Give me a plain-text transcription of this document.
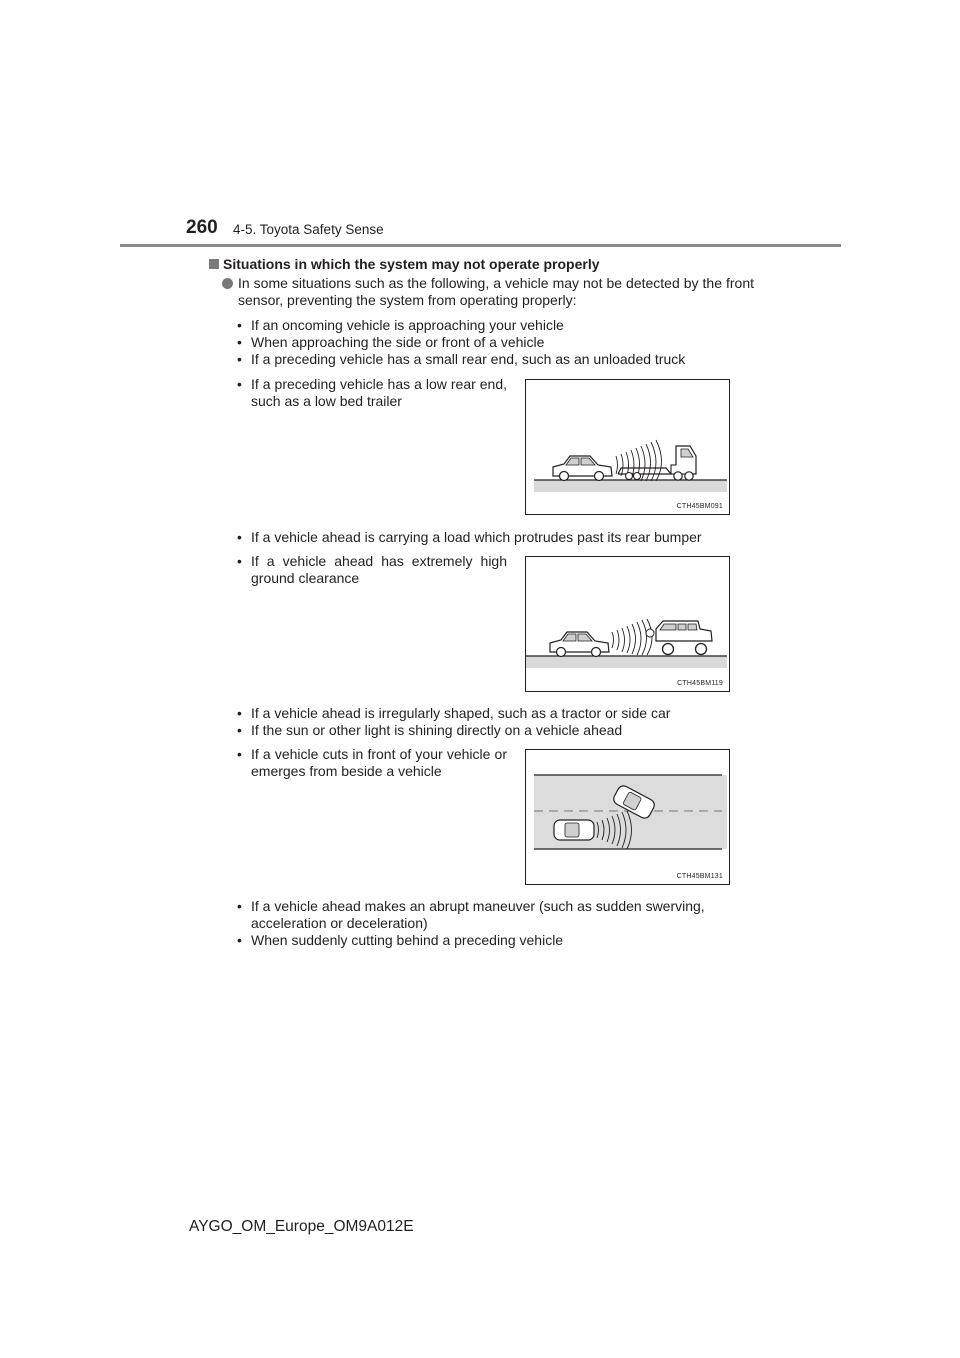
260 4-5. Toyota Safety Sense
Situations in which the system may not operate properly

In some situations such as the following, a vehicle may not be detected by the front sensor, preventing the system from operating properly:

• If an oncoming vehicle is approaching your vehicle
• When approaching the side or front of a vehicle
• If a preceding vehicle has a small rear end, such as an unloaded truck
• If a preceding vehicle has a low rear end, such as a low bed trailer
CTH45BM091
• If a vehicle ahead is carrying a load which protrudes past its rear bumper
• If a vehicle ahead has extremely high ground clearance
CTH45BM119
• If a vehicle ahead is irregularly shaped, such as a tractor or side car
• If the sun or other light is shining directly on a vehicle ahead
• If a vehicle cuts in front of your vehicle or emerges from beside a vehicle
CTH45BM131
• If a vehicle ahead makes an abrupt maneuver (such as sudden swerving, acceleration or deceleration)
• When suddenly cutting behind a preceding vehicle
AYGO_OM_Europe_OM9A012E
